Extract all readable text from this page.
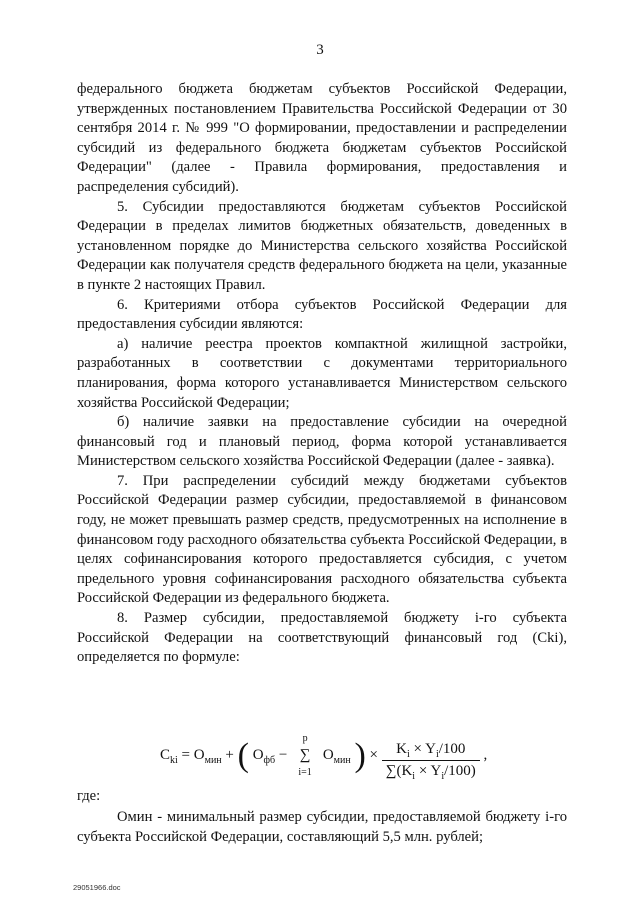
3

федерального бюджета бюджетам субъектов Российской Федерации, утвержденных постановлением Правительства Российской Федерации от 30 сентября 2014 г. № 999 "О формировании, предоставлении и распределении субсидий из федерального бюджета бюджетам субъектов Российской Федерации" (далее - Правила формирования, предоставления и распределения субсидий).

5. Субсидии предоставляются бюджетам субъектов Российской Федерации в пределах лимитов бюджетных обязательств, доведенных в установленном порядке до Министерства сельского хозяйства Российской Федерации как получателя средств федерального бюджета на цели, указанные в пункте 2 настоящих Правил.

6. Критериями отбора субъектов Российской Федерации для предоставления субсидии являются:

а) наличие реестра проектов компактной жилищной застройки, разработанных в соответствии с документами территориального планирования, форма которого устанавливается Министерством сельского хозяйства Российской Федерации;

б) наличие заявки на предоставление субсидии на очередной финансовый год и плановый период, форма которой устанавливается Министерством сельского хозяйства Российской Федерации (далее - заявка).

7. При распределении субсидий между бюджетами субъектов Российской Федерации размер субсидии, предоставляемой в финансовом году, не может превышать размер средств, предусмотренных на исполнение в финансовом году расходного обязательства субъекта Российской Федерации, в целях софинансирования которого предоставляется субсидия, с учетом предельного уровня софинансирования расходного обязательства субъекта Российской Федерации из федерального бюджета.

8. Размер субсидии, предоставляемой бюджету i-го субъекта Российской Федерации на соответствующий финансовый год (Cki), определяется по формуле:

$C_{ki} = О_{мин}$ + ( $О_{фб}$ −
p
∑
i=1
$О_{мин}$ ) × $\frac{K_i \times Y_i/100}{\sum(K_i \times Y_i/100)}$ ,
где:

Омин - минимальный размер субсидии, предоставляемой бюджету i-го субъекта Российской Федерации, составляющий 5,5 млн. рублей;

29051966.doc
